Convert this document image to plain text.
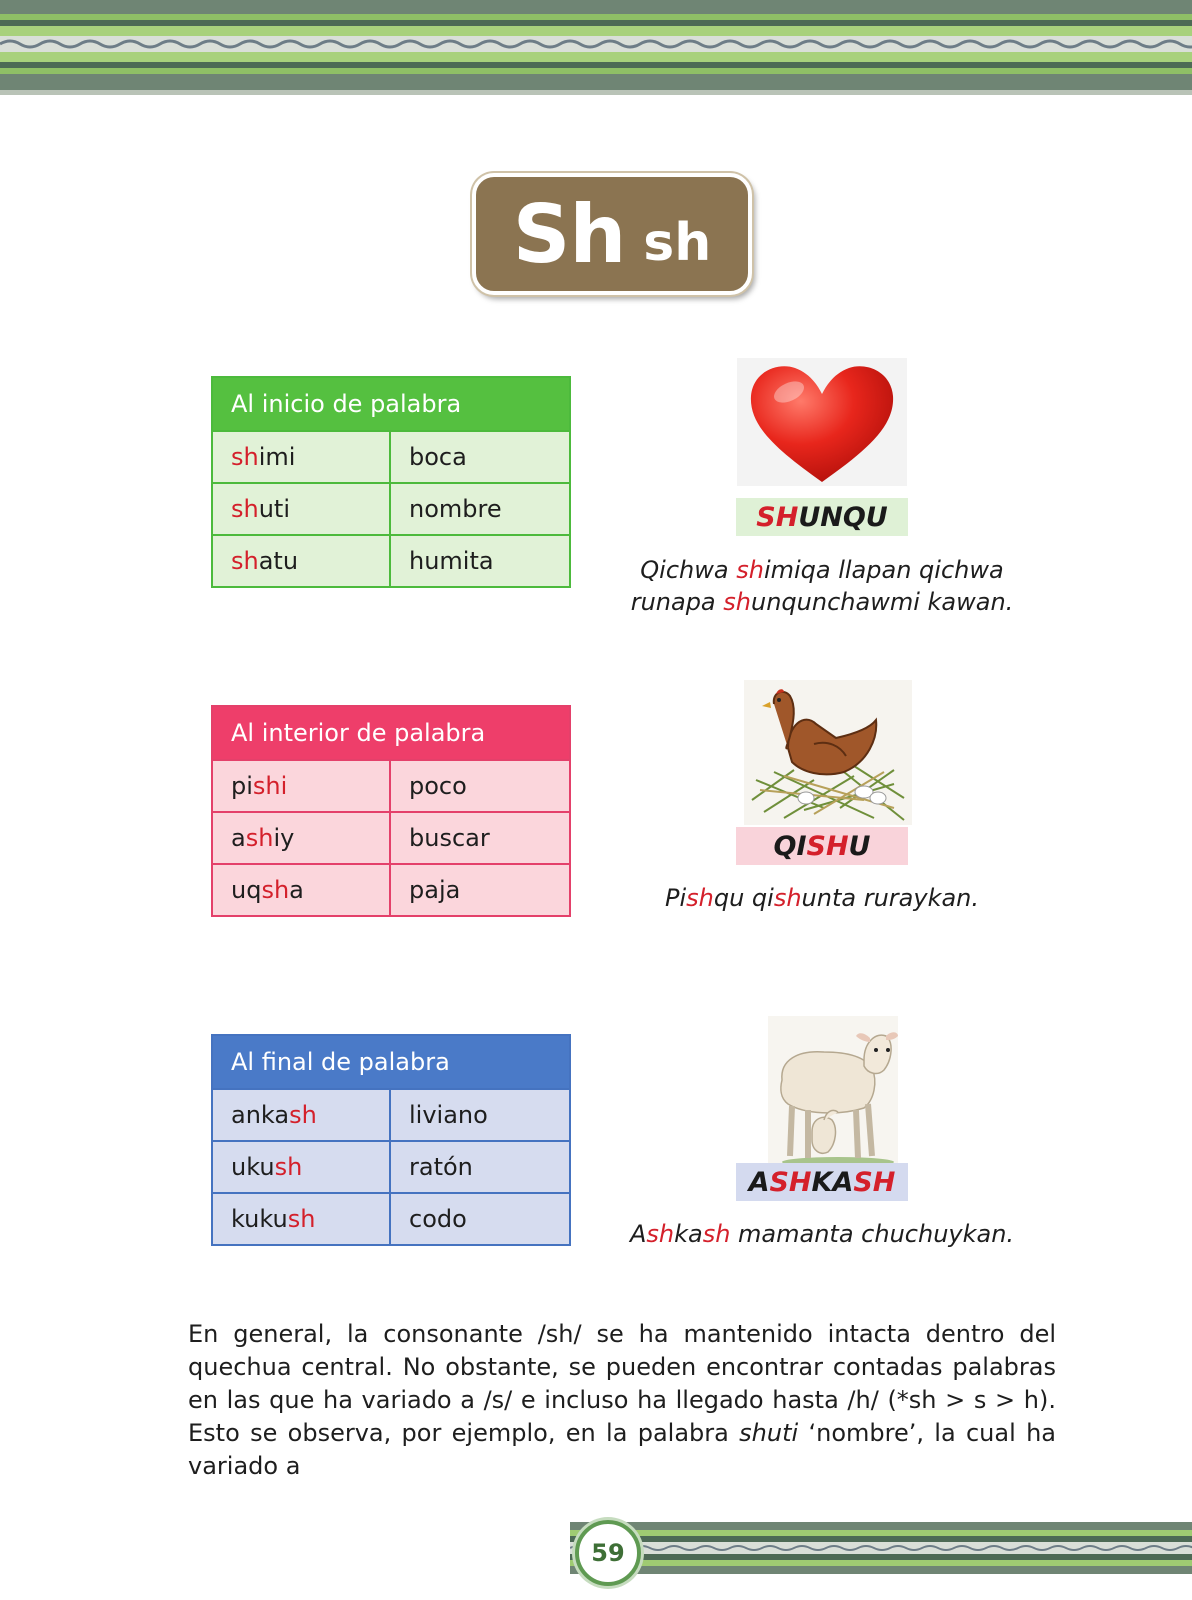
Sh sh
Al inicio de palabra	
shimi	boca
shuti	nombre
shatu	humita
Al interior de palabra	
pishi	poco
ashiy	buscar
uqsha	paja
Al final de palabra	
ankash	liviano
ukush	ratón
kukush	codo
SH UNQU
Qichwa shimiqa llapan qichwa
runapa shunqunchawmi kawan.
QI SH U
Pishqu qishunta ruraykan.
A SH KA SH
Ashkash mamanta chuchuykan.
En general, la consonante /sh/ se ha mantenido intacta dentro del quechua central. No obstante, se pueden encontrar contadas palabras en las que ha variado a /s/ e incluso ha llegado hasta /h/ (*sh > s > h). Esto se observa, por ejemplo, en la palabra shuti ‘nombre’, la cual ha variado a
59
